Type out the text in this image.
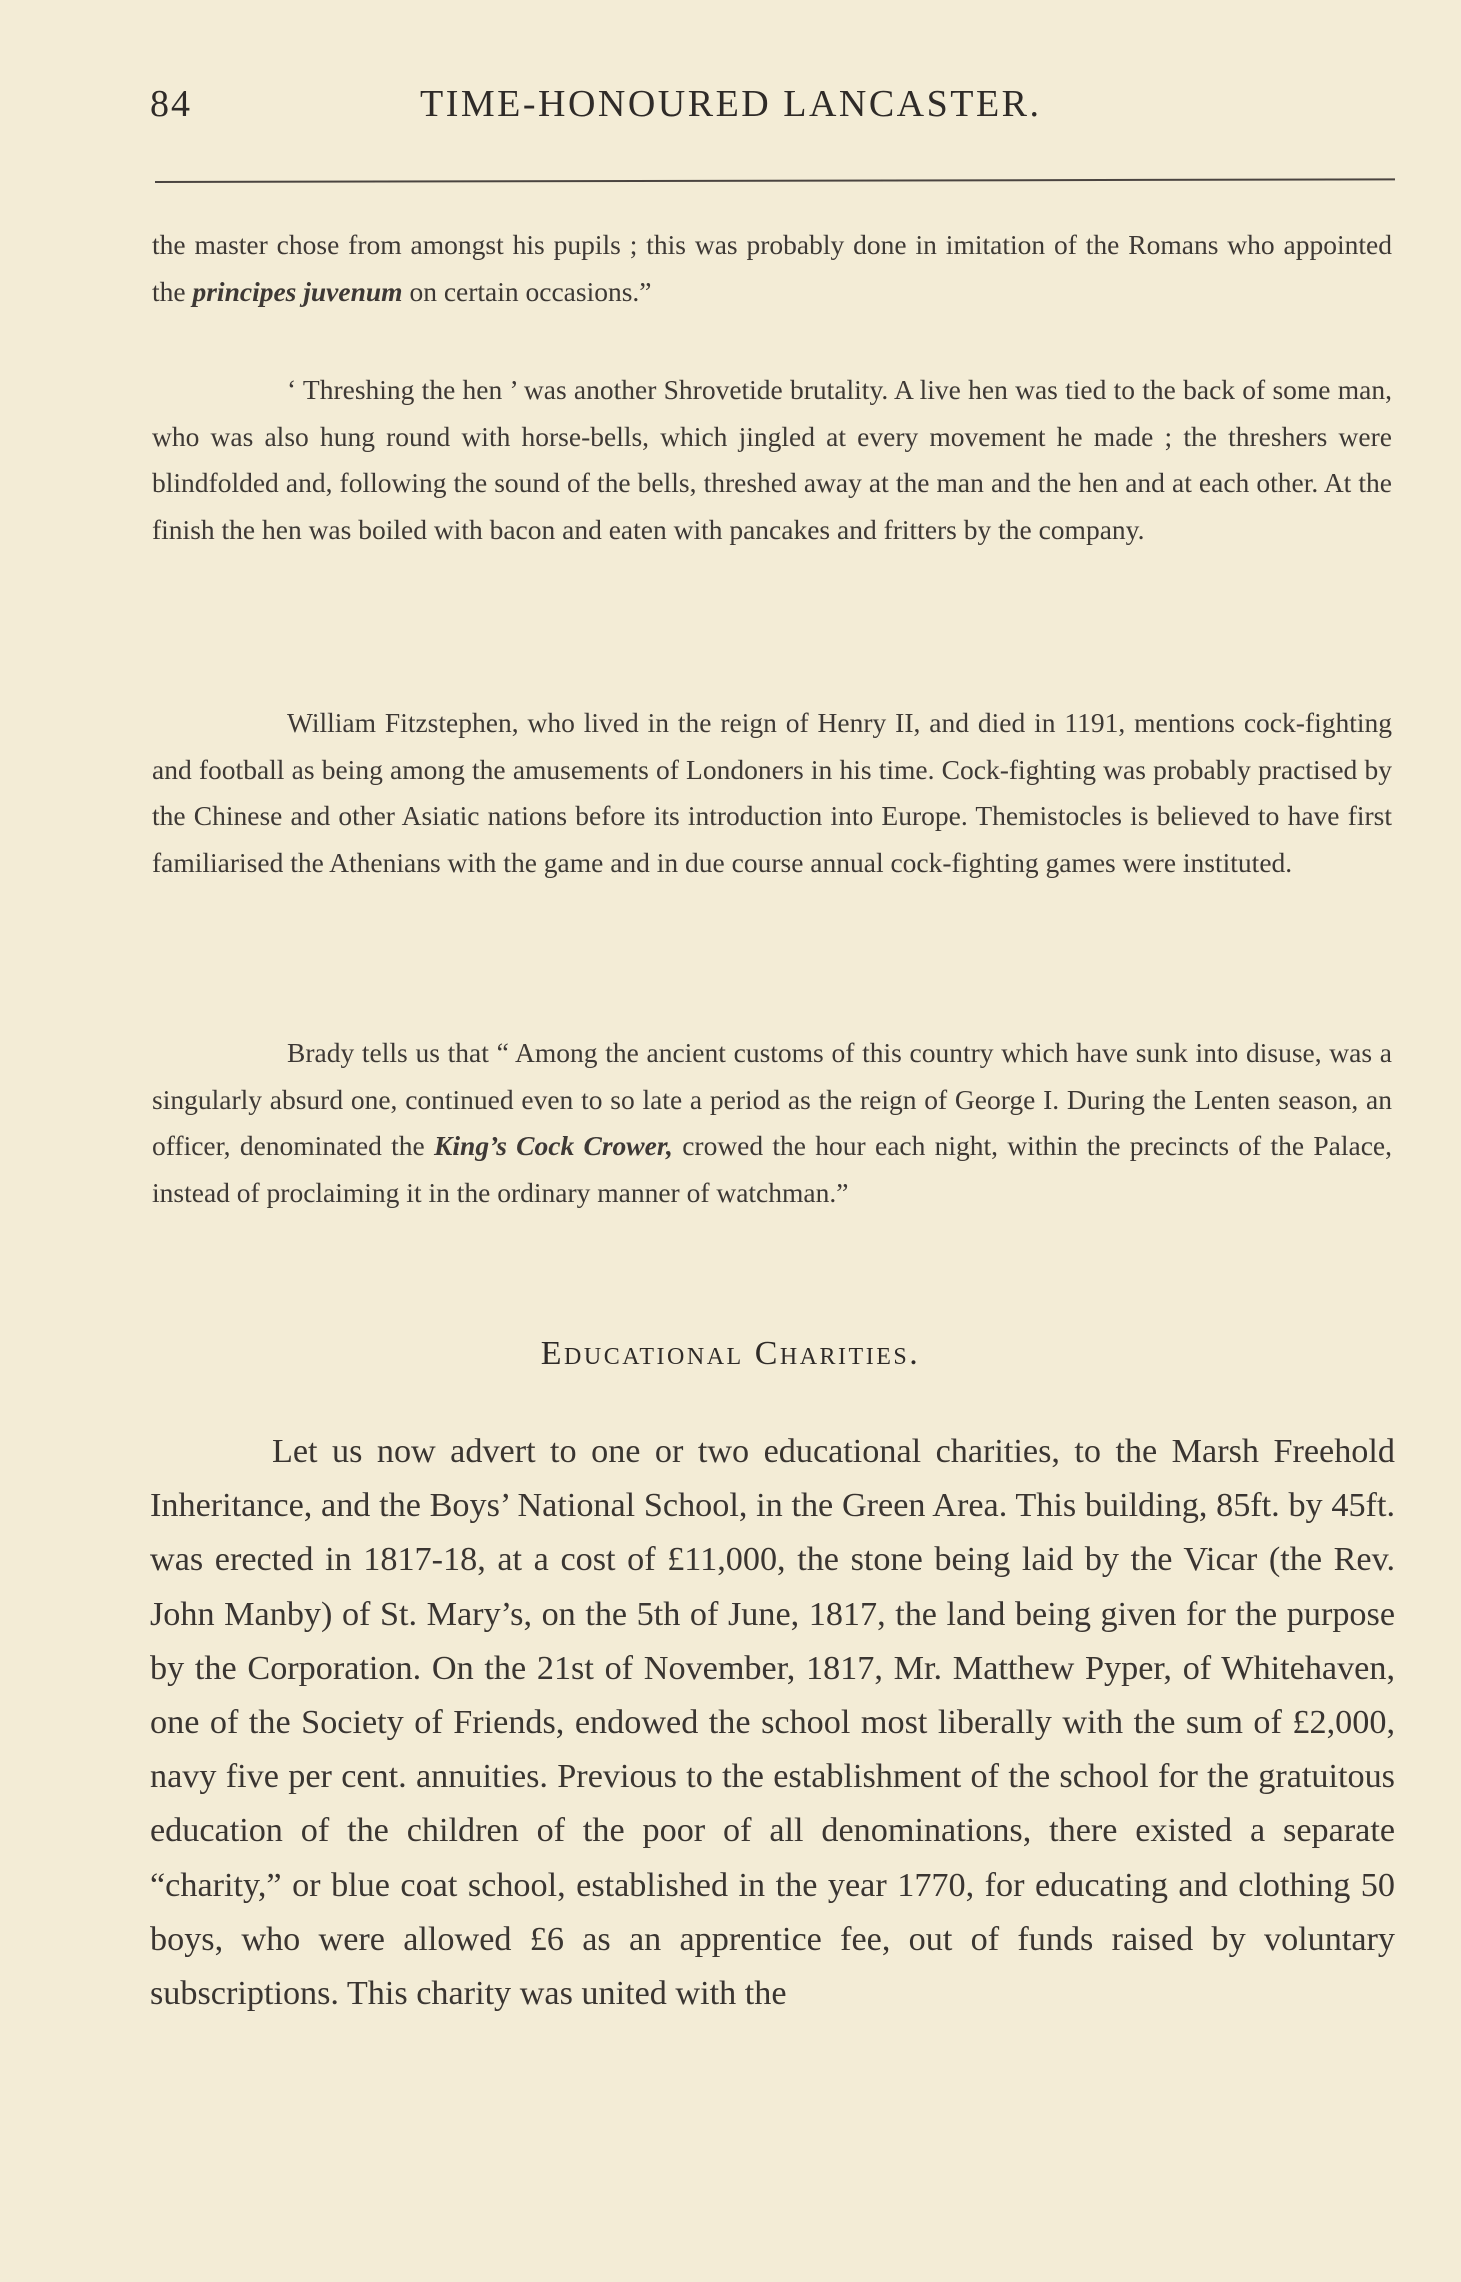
84	TIME-HONOURED LANCASTER.

the master chose from amongst his pupils ; this was probably done in imitation of the Romans who appointed the principes juvenum on certain occasions.”

‘ Threshing the hen ’ was another Shrovetide brutality. A live hen was tied to the back of some man, who was also hung round with horse-bells, which jingled at every movement he made ; the threshers were blindfolded and, following the sound of the bells, threshed away at the man and the hen and at each other. At the finish the hen was boiled with bacon and eaten with pancakes and fritters by the company.

William Fitzstephen, who lived in the reign of Henry II, and died in 1191, mentions cock-fighting and football as being among the amusements of Londoners in his time. Cock-fighting was probably practised by the Chinese and other Asiatic nations before its introduction into Europe. Themistocles is believed to have first familiarised the Athenians with the game and in due course annual cock-fighting games were instituted.

Brady tells us that “ Among the ancient customs of this country which have sunk into disuse, was a singularly absurd one, continued even to so late a period as the reign of George I. During the Lenten season, an officer, denominated the King’s Cock Crower, crowed the hour each night, within the precincts of the Palace, instead of proclaiming it in the ordinary manner of watchman.”

Educational Charities.

Let us now advert to one or two educational charities, to the Marsh Freehold Inheritance, and the Boys’ National School, in the Green Area. This building, 85ft. by 45ft. was erected in 1817-18, at a cost of £11,000, the stone being laid by the Vicar (the Rev. John Manby) of St. Mary’s, on the 5th of June, 1817, the land being given for the purpose by the Corporation. On the 21st of November, 1817, Mr. Matthew Pyper, of Whitehaven, one of the Society of Friends, endowed the school most liberally with the sum of £2,000, navy five per cent. annuities. Previous to the establishment of the school for the gratuitous education of the children of the poor of all denominations, there existed a separate “charity,” or blue coat school, established in the year 1770, for educating and clothing 50 boys, who were allowed £6 as an apprentice fee, out of funds raised by voluntary subscriptions. This charity was united with the
